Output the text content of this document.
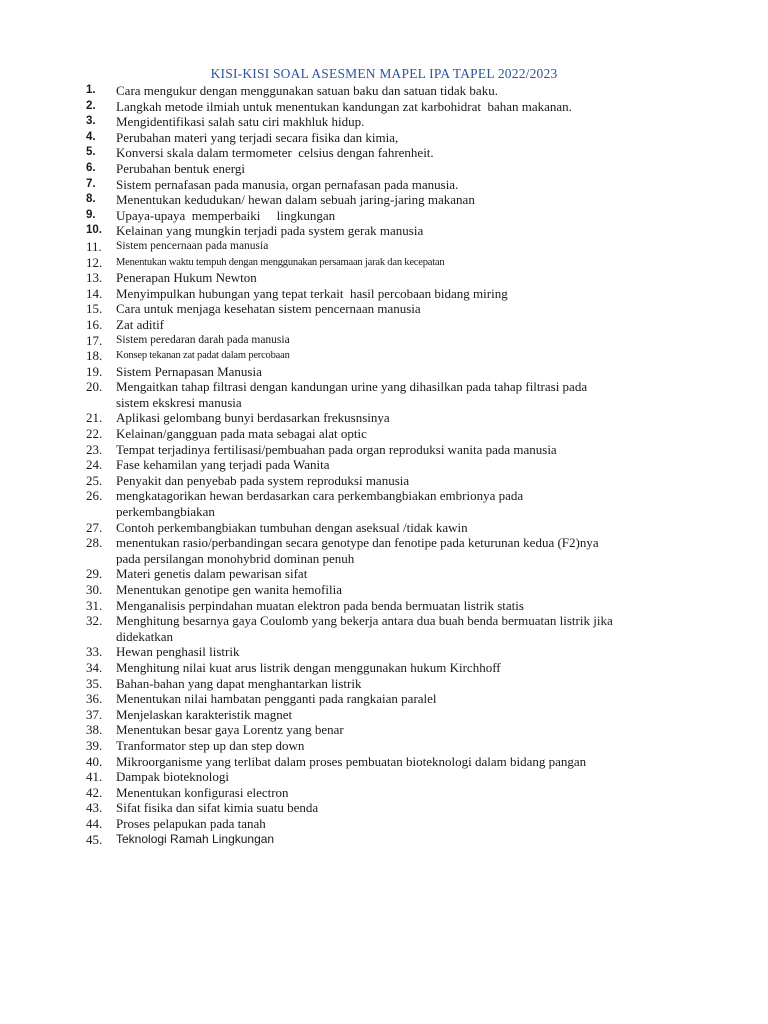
KISI-KISI SOAL ASESMEN MAPEL IPA TAPEL 2022/2023
1.	Cara mengukur dengan menggunakan satuan baku dan satuan tidak baku.
2.	Langkah metode ilmiah untuk menentukan kandungan zat karbohidrat  bahan makanan.
3.	Mengidentifikasi salah satu ciri makhluk hidup.
4.	Perubahan materi yang terjadi secara fisika dan kimia,
5.	Konversi skala dalam termometer  celsius dengan fahrenheit.
6.	Perubahan bentuk energi
7.	Sistem pernafasan pada manusia, organ pernafasan pada manusia.
8.	Menentukan kedudukan/ hewan dalam sebuah jaring-jaring makanan
9.	Upaya-upaya  memperbaiki     lingkungan
10.	Kelainan yang mungkin terjadi pada system gerak manusia
11.	Sistem pencernaan pada manusia
12.	Menentukan waktu tempuh dengan menggunakan persamaan jarak dan kecepatan
13.	Penerapan Hukum Newton
14.	Menyimpulkan hubungan yang tepat terkait  hasil percobaan bidang miring
15.	Cara untuk menjaga kesehatan sistem pencernaan manusia
16.	Zat aditif
17.	Sistem peredaran darah pada manusia
18.	Konsep tekanan zat padat dalam percobaan
19.	Sistem Pernapasan Manusia
20.	Mengaitkan tahap filtrasi dengan kandungan urine yang dihasilkan pada tahap filtrasi pada
sistem ekskresi manusia
21.	Aplikasi gelombang bunyi berdasarkan frekusnsinya
22.	Kelainan/gangguan pada mata sebagai alat optic
23.	Tempat terjadinya fertilisasi/pembuahan pada organ reproduksi wanita pada manusia
24.	Fase kehamilan yang terjadi pada Wanita
25.	Penyakit dan penyebab pada system reproduksi manusia
26.	mengkatagorikan hewan berdasarkan cara perkembangbiakan embrionya pada
perkembangbiakan
27.	Contoh perkembangbiakan tumbuhan dengan aseksual /tidak kawin
28.	menentukan rasio/perbandingan secara genotype dan fenotipe pada keturunan kedua (F2)nya
pada persilangan monohybrid dominan penuh
29.	Materi genetis dalam pewarisan sifat
30.	Menentukan genotipe gen wanita hemofilia
31.	Menganalisis perpindahan muatan elektron pada benda bermuatan listrik statis
32.	Menghitung besarnya gaya Coulomb yang bekerja antara dua buah benda bermuatan listrik jika
didekatkan
33.	Hewan penghasil listrik
34.	Menghitung nilai kuat arus listrik dengan menggunakan hukum Kirchhoff
35.	Bahan-bahan yang dapat menghantarkan listrik
36.	Menentukan nilai hambatan pengganti pada rangkaian paralel
37.	Menjelaskan karakteristik magnet
38.	Menentukan besar gaya Lorentz yang benar
39.	Tranformator step up dan step down
40.	Mikroorganisme yang terlibat dalam proses pembuatan bioteknologi dalam bidang pangan
41.	Dampak bioteknologi
42.	Menentukan konfigurasi electron
43.	Sifat fisika dan sifat kimia suatu benda
44.	Proses pelapukan pada tanah
45.	Teknologi Ramah Lingkungan
